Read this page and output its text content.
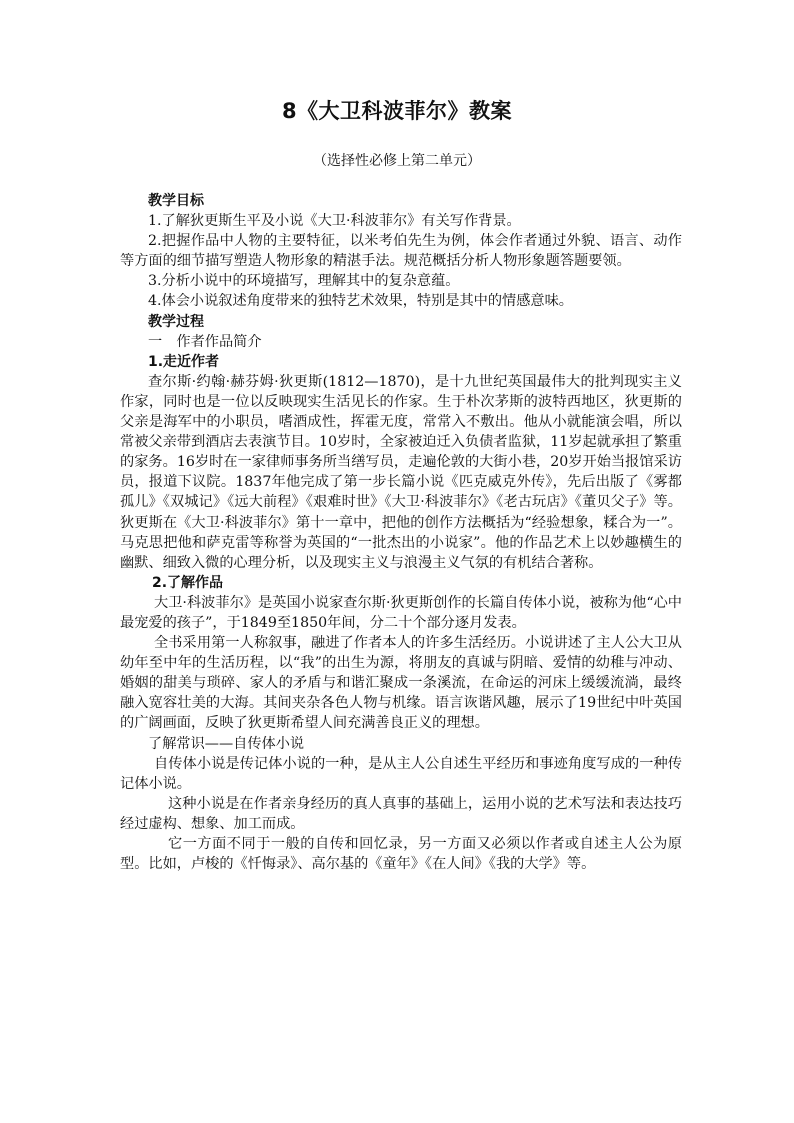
8《大卫科波菲尔》教案
（选择性必修上第二单元）

教学目标

1.了解狄更斯生平及小说《大卫·科波菲尔》有关写作背景。

2.把握作品中人物的主要特征，以米考伯先生为例，体会作者通过外貌、语言、动作等方面的细节描写塑造人物形象的精湛手法。规范概括分析人物形象题答题要领。

3.分析小说中的环境描写，理解其中的复杂意蕴。

4.体会小说叙述角度带来的独特艺术效果，特别是其中的情感意味。

教学过程

一　作者作品简介

1.走近作者

查尔斯·约翰·赫芬姆·狄更斯(1812—1870)，是十九世纪英国最伟大的批判现实主义作家，同时也是一位以反映现实生活见长的作家。生于朴次茅斯的波特西地区，狄更斯的父亲是海军中的小职员，嗜酒成性，挥霍无度，常常入不敷出。他从小就能演会唱，所以常被父亲带到酒店去表演节目。10岁时，全家被迫迁入负债者监狱，11岁起就承担了繁重的家务。16岁时在一家律师事务所当缮写员，走遍伦敦的大街小巷，20岁开始当报馆采访员，报道下议院。1837年他完成了第一步长篇小说《匹克威克外传》，先后出版了《雾都孤儿》《双城记》《远大前程》《艰难时世》《大卫·科波菲尔》《老古玩店》《董贝父子》等。狄更斯在《大卫·科波菲尔》第十一章中，把他的创作方法概括为“经验想象，糅合为一”。马克思把他和萨克雷等称誉为英国的“一批杰出的小说家”。他的作品艺术上以妙趣横生的幽默、细致入微的心理分析，以及现实主义与浪漫主义气氛的有机结合著称。

2.了解作品

大卫·科波菲尔》是英国小说家查尔斯·狄更斯创作的长篇自传体小说，被称为他“心中最宠爱的孩子”，于1849至1850年间，分二十个部分逐月发表。

全书采用第一人称叙事，融进了作者本人的许多生活经历。小说讲述了主人公大卫从幼年至中年的生活历程，以“我”的出生为源，将朋友的真诚与阴暗、爱情的幼稚与冲动、婚姻的甜美与琐碎、家人的矛盾与和谐汇聚成一条溪流，在命运的河床上缓缓流淌，最终融入宽容壮美的大海。其间夹杂各色人物与机缘。语言诙谐风趣，展示了19世纪中叶英国的广阔画面，反映了狄更斯希望人间充满善良正义的理想。

了解常识——自传体小说

自传体小说是传记体小说的一种，是从主人公自述生平经历和事迹角度写成的一种传记体小说。

这种小说是在作者亲身经历的真人真事的基础上，运用小说的艺术写法和表达技巧经过虚构、想象、加工而成。

它一方面不同于一般的自传和回忆录，另一方面又必须以作者或自述主人公为原型。比如，卢梭的《忏悔录》、高尔基的《童年》《在人间》《我的大学》等。
